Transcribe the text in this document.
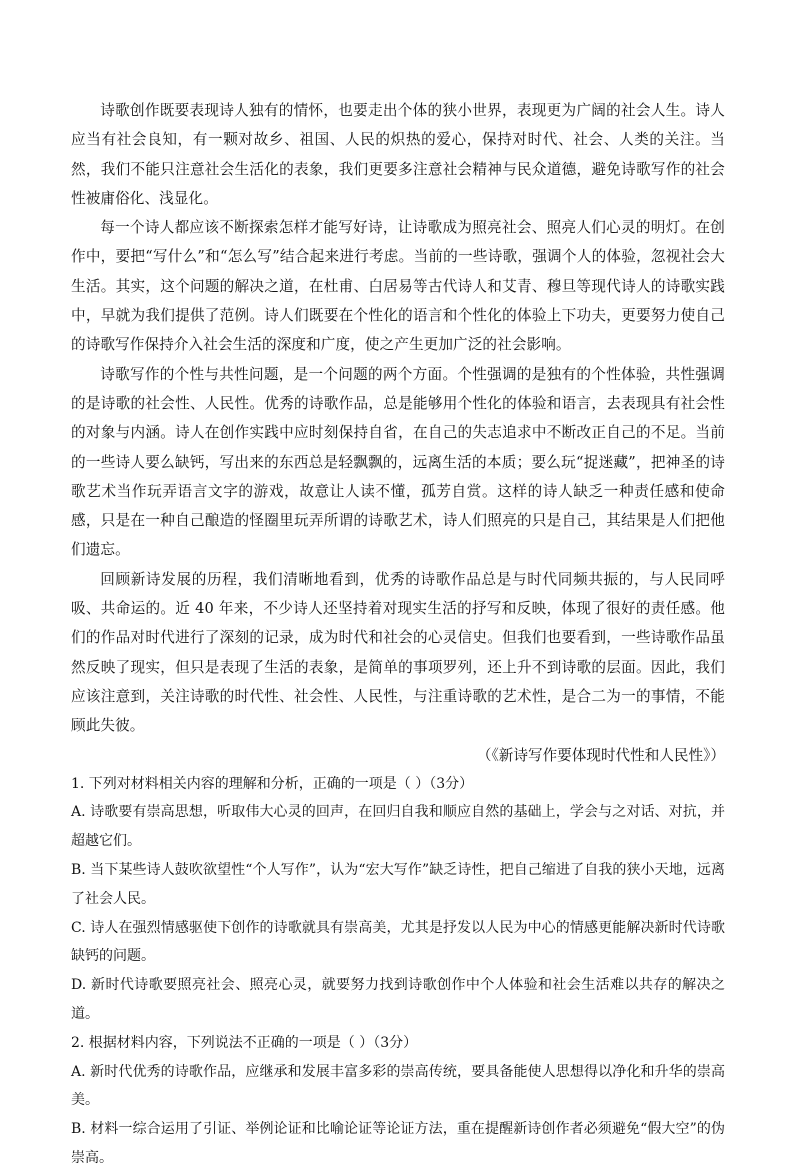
诗歌创作既要表现诗人独有的情怀，也要走出个体的狭小世界，表现更为广阔的社会人生。诗人应当有社会良知，有一颗对故乡、祖国、人民的炽热的爱心，保持对时代、社会、人类的关注。当然，我们不能只注意社会生活化的表象，我们更要多注意社会精神与民众道德，避免诗歌写作的社会性被庸俗化、浅显化。

每一个诗人都应该不断探索怎样才能写好诗，让诗歌成为照亮社会、照亮人们心灵的明灯。在创作中，要把“写什么”和“怎么写”结合起来进行考虑。当前的一些诗歌，强调个人的体验，忽视社会大生活。其实，这个问题的解决之道，在杜甫、白居易等古代诗人和艾青、穆旦等现代诗人的诗歌实践中，早就为我们提供了范例。诗人们既要在个性化的语言和个性化的体验上下功夫，更要努力使自己的诗歌写作保持介入社会生活的深度和广度，使之产生更加广泛的社会影响。

诗歌写作的个性与共性问题，是一个问题的两个方面。个性强调的是独有的个性体验，共性强调的是诗歌的社会性、人民性。优秀的诗歌作品，总是能够用个性化的体验和语言，去表现具有社会性的对象与内涵。诗人在创作实践中应时刻保持自省，在自己的失志追求中不断改正自己的不足。当前的一些诗人要么缺钙，写出来的东西总是轻飘飘的，远离生活的本质；要么玩“捉迷藏”，把神圣的诗歌艺术当作玩弄语言文字的游戏，故意让人读不懂，孤芳自赏。这样的诗人缺乏一种责任感和使命感，只是在一种自己酿造的怪圈里玩弄所谓的诗歌艺术，诗人们照亮的只是自己，其结果是人们把他们遗忘。

回顾新诗发展的历程，我们清晰地看到，优秀的诗歌作品总是与时代同频共振的，与人民同呼吸、共命运的。近 40 年来，不少诗人还坚持着对现实生活的抒写和反映，体现了很好的责任感。他们的作品对时代进行了深刻的记录，成为时代和社会的心灵信史。但我们也要看到，一些诗歌作品虽然反映了现实，但只是表现了生活的表象，是简单的事项罗列，还上升不到诗歌的层面。因此，我们应该注意到，关注诗歌的时代性、社会性、人民性，与注重诗歌的艺术性，是合二为一的事情，不能顾此失彼。

（《新诗写作要体现时代性和人民性》）

1. 下列对材料相关内容的理解和分析，正确的一项是（ ）（3分）

A. 诗歌要有崇高思想，听取伟大心灵的回声，在回归自我和顺应自然的基础上，学会与之对话、对抗，并超越它们。

B. 当下某些诗人鼓吹欲望性“个人写作”，认为“宏大写作”缺乏诗性，把自己缩进了自我的狭小天地，远离了社会人民。

C. 诗人在强烈情感驱使下创作的诗歌就具有崇高美，尤其是抒发以人民为中心的情感更能解决新时代诗歌缺钙的问题。

D. 新时代诗歌要照亮社会、照亮心灵，就要努力找到诗歌创作中个人体验和社会生活难以共存的解决之道。

2. 根据材料内容，下列说法不正确的一项是（ ）（3分）

A. 新时代优秀的诗歌作品，应继承和发展丰富多彩的崇高传统，要具备能使人思想得以净化和升华的崇高美。

B. 材料一综合运用了引证、举例论证和比喻论证等论证方法，重在提醒新诗创作者必须避免“假大空”的伪崇高。
